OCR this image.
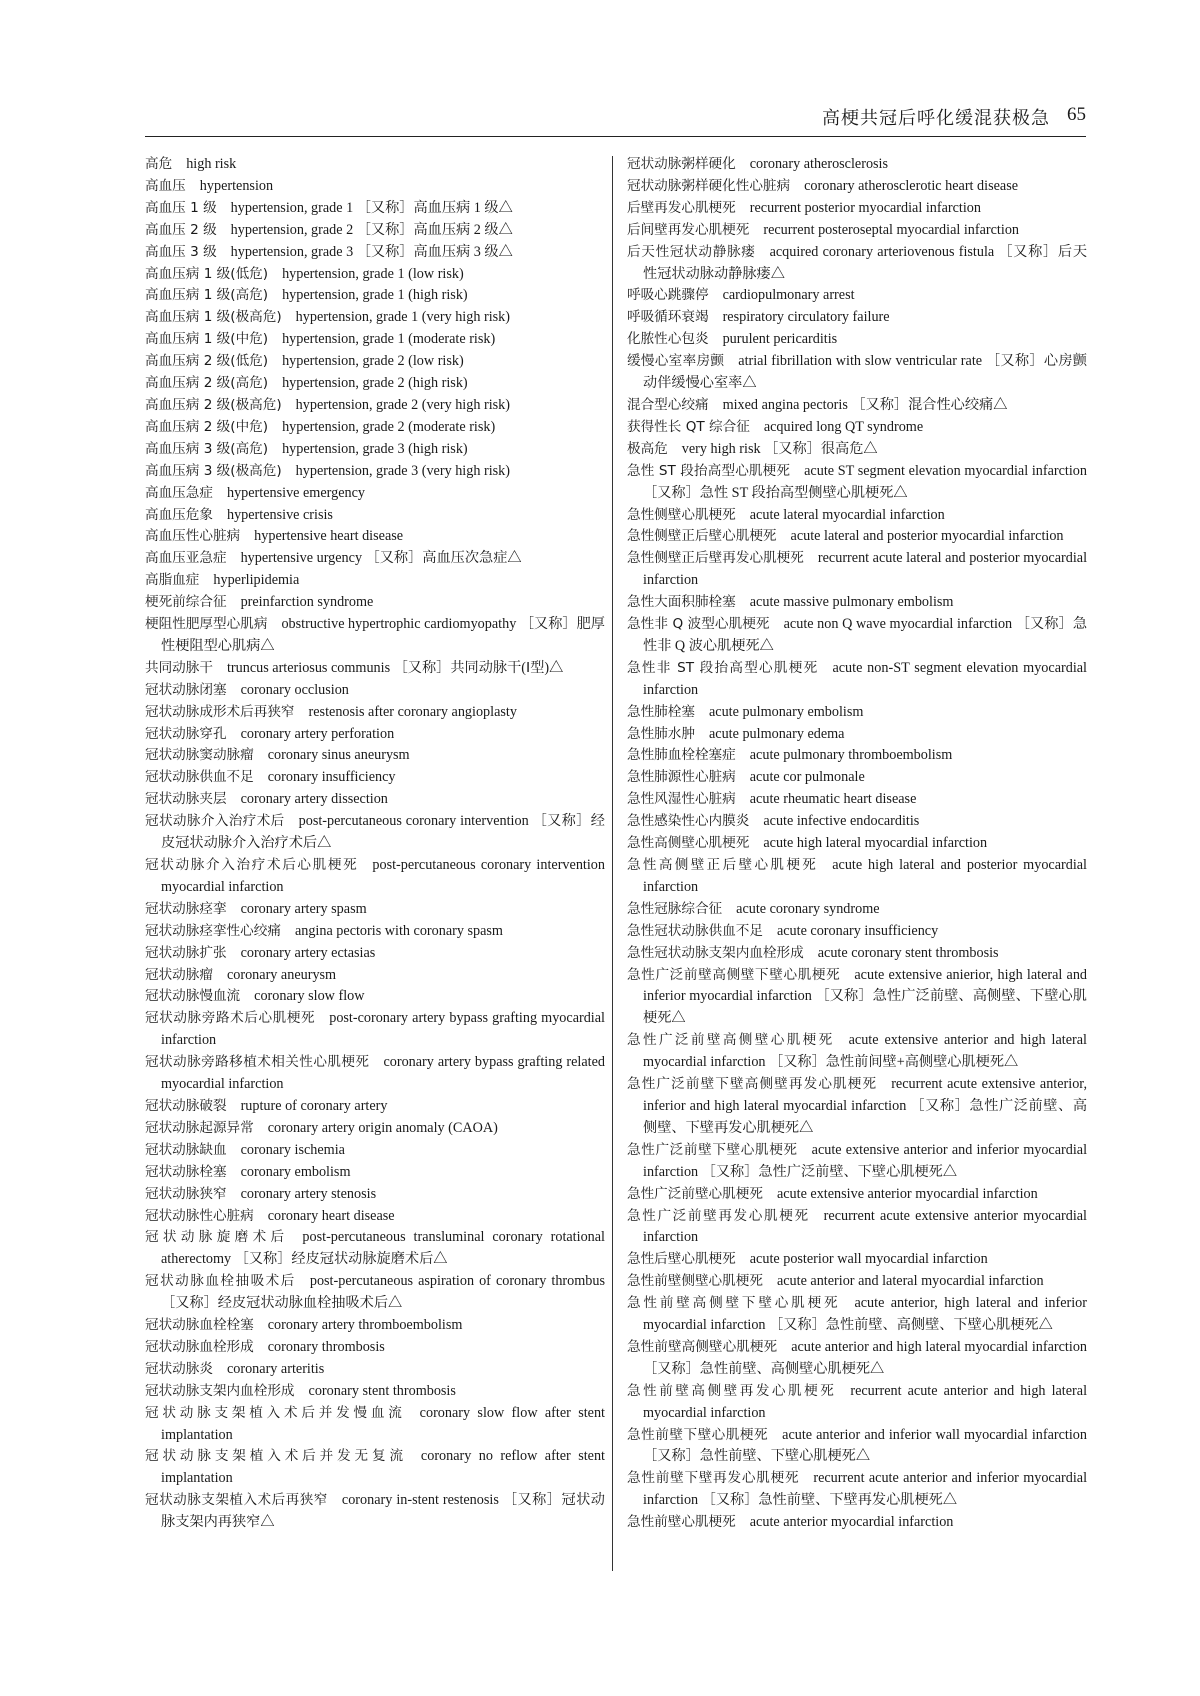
高梗共冠后呼化缓混获极急 65
高危 high risk
高血压 hypertension
高血压 1 级 hypertension, grade 1 ［又称］高血压病 1 级△
高血压 2 级 hypertension, grade 2 ［又称］高血压病 2 级△
高血压 3 级 hypertension, grade 3 ［又称］高血压病 3 级△
高血压病 1 级(低危) hypertension, grade 1 (low risk)
高血压病 1 级(高危) hypertension, grade 1 (high risk)
高血压病 1 级(极高危) hypertension, grade 1 (very high risk)
高血压病 1 级(中危) hypertension, grade 1 (moderate risk)
高血压病 2 级(低危) hypertension, grade 2 (low risk)
高血压病 2 级(高危) hypertension, grade 2 (high risk)
高血压病 2 级(极高危) hypertension, grade 2 (very high risk)
高血压病 2 级(中危) hypertension, grade 2 (moderate risk)
高血压病 3 级(高危) hypertension, grade 3 (high risk)
高血压病 3 级(极高危) hypertension, grade 3 (very high risk)
高血压急症 hypertensive emergency
高血压危象 hypertensive crisis
高血压性心脏病 hypertensive heart disease
高血压亚急症 hypertensive urgency ［又称］高血压次急症△
高脂血症 hyperlipidemia
梗死前综合征 preinfarction syndrome
梗阻性肥厚型心肌病 obstructive hypertrophic cardiomyopathy ［又称］肥厚性梗阻型心肌病△
共同动脉干 truncus arteriosus communis ［又称］共同动脉干(Ⅰ型)△
冠状动脉闭塞 coronary occlusion
冠状动脉成形术后再狭窄 restenosis after coronary angioplasty
冠状动脉穿孔 coronary artery perforation
冠状动脉窦动脉瘤 coronary sinus aneurysm
冠状动脉供血不足 coronary insufficiency
冠状动脉夹层 coronary artery dissection
冠状动脉介入治疗术后 post-percutaneous coronary intervention ［又称］经皮冠状动脉介入治疗术后△
冠状动脉介入治疗术后心肌梗死 post-percutaneous coronary intervention myocardial infarction
冠状动脉痉挛 coronary artery spasm
冠状动脉痉挛性心绞痛 angina pectoris with coronary spasm
冠状动脉扩张 coronary artery ectasias
冠状动脉瘤 coronary aneurysm
冠状动脉慢血流 coronary slow flow
冠状动脉旁路术后心肌梗死 post-coronary artery bypass grafting myocardial infarction
冠状动脉旁路移植术相关性心肌梗死 coronary artery bypass grafting related myocardial infarction
冠状动脉破裂 rupture of coronary artery
冠状动脉起源异常 coronary artery origin anomaly (CAOA)
冠状动脉缺血 coronary ischemia
冠状动脉栓塞 coronary embolism
冠状动脉狭窄 coronary artery stenosis
冠状动脉性心脏病 coronary heart disease
冠状动脉旋磨术后 post-percutaneous transluminal coronary rotational atherectomy ［又称］经皮冠状动脉旋磨术后△
冠状动脉血栓抽吸术后 post-percutaneous aspiration of coronary thrombus ［又称］经皮冠状动脉血栓抽吸术后△
冠状动脉血栓栓塞 coronary artery thromboembolism
冠状动脉血栓形成 coronary thrombosis
冠状动脉炎 coronary arteritis
冠状动脉支架内血栓形成 coronary stent thrombosis
冠状动脉支架植入术后并发慢血流 coronary slow flow after stent implantation
冠状动脉支架植入术后并发无复流 coronary no reflow after stent implantation
冠状动脉支架植入术后再狭窄 coronary in-stent restenosis ［又称］冠状动脉支架内再狭窄△
冠状动脉粥样硬化 coronary atherosclerosis
冠状动脉粥样硬化性心脏病 coronary atherosclerotic heart disease
后壁再发心肌梗死 recurrent posterior myocardial infarction
后间壁再发心肌梗死 recurrent posteroseptal myocardial infarction
后天性冠状动静脉瘘 acquired coronary arteriovenous fistula ［又称］后天性冠状动脉动静脉瘘△
呼吸心跳骤停 cardiopulmonary arrest
呼吸循环衰竭 respiratory circulatory failure
化脓性心包炎 purulent pericarditis
缓慢心室率房颤 atrial fibrillation with slow ventricular rate ［又称］心房颤动伴缓慢心室率△
混合型心绞痛 mixed angina pectoris ［又称］混合性心绞痛△
获得性长 QT 综合征 acquired long QT syndrome
极高危 very high risk ［又称］很高危△
急性 ST 段抬高型心肌梗死 acute ST segment elevation myocardial infarction ［又称］急性 ST 段抬高型侧壁心肌梗死△
急性侧壁心肌梗死 acute lateral myocardial infarction
急性侧壁正后壁心肌梗死 acute lateral and posterior myocardial infarction
急性侧壁正后壁再发心肌梗死 recurrent acute lateral and posterior myocardial infarction
急性大面积肺栓塞 acute massive pulmonary embolism
急性非 Q 波型心肌梗死 acute non Q wave myocardial infarction ［又称］急性非 Q 波心肌梗死△
急性非 ST 段抬高型心肌梗死 acute non-ST segment elevation myocardial infarction
急性肺栓塞 acute pulmonary embolism
急性肺水肿 acute pulmonary edema
急性肺血栓栓塞症 acute pulmonary thromboembolism
急性肺源性心脏病 acute cor pulmonale
急性风湿性心脏病 acute rheumatic heart disease
急性感染性心内膜炎 acute infective endocarditis
急性高侧壁心肌梗死 acute high lateral myocardial infarction
急性高侧壁正后壁心肌梗死 acute high lateral and posterior myocardial infarction
急性冠脉综合征 acute coronary syndrome
急性冠状动脉供血不足 acute coronary insufficiency
急性冠状动脉支架内血栓形成 acute coronary stent thrombosis
急性广泛前壁高侧壁下壁心肌梗死 acute extensive anierior, high lateral and inferior myocardial infarction ［又称］急性广泛前壁、高侧壁、下壁心肌梗死△
急性广泛前壁高侧壁心肌梗死 acute extensive anterior and high lateral myocardial infarction ［又称］急性前间壁+高侧壁心肌梗死△
急性广泛前壁下壁高侧壁再发心肌梗死 recurrent acute extensive anterior, inferior and high lateral myocardial infarction ［又称］急性广泛前壁、高侧壁、下壁再发心肌梗死△
急性广泛前壁下壁心肌梗死 acute extensive anterior and inferior myocardial infarction ［又称］急性广泛前壁、下壁心肌梗死△
急性广泛前壁心肌梗死 acute extensive anterior myocardial infarction
急性广泛前壁再发心肌梗死 recurrent acute extensive anterior myocardial infarction
急性后壁心肌梗死 acute posterior wall myocardial infarction
急性前壁侧壁心肌梗死 acute anterior and lateral myocardial infarction
急性前壁高侧壁下壁心肌梗死 acute anterior, high lateral and inferior myocardial infarction ［又称］急性前壁、高侧壁、下壁心肌梗死△
急性前壁高侧壁心肌梗死 acute anterior and high lateral myocardial infarction ［又称］急性前壁、高侧壁心肌梗死△
急性前壁高侧壁再发心肌梗死 recurrent acute anterior and high lateral myocardial infarction
急性前壁下壁心肌梗死 acute anterior and inferior wall myocardial infarction ［又称］急性前壁、下壁心肌梗死△
急性前壁下壁再发心肌梗死 recurrent acute anterior and inferior myocardial infarction ［又称］急性前壁、下壁再发心肌梗死△
急性前壁心肌梗死 acute anterior myocardial infarction
